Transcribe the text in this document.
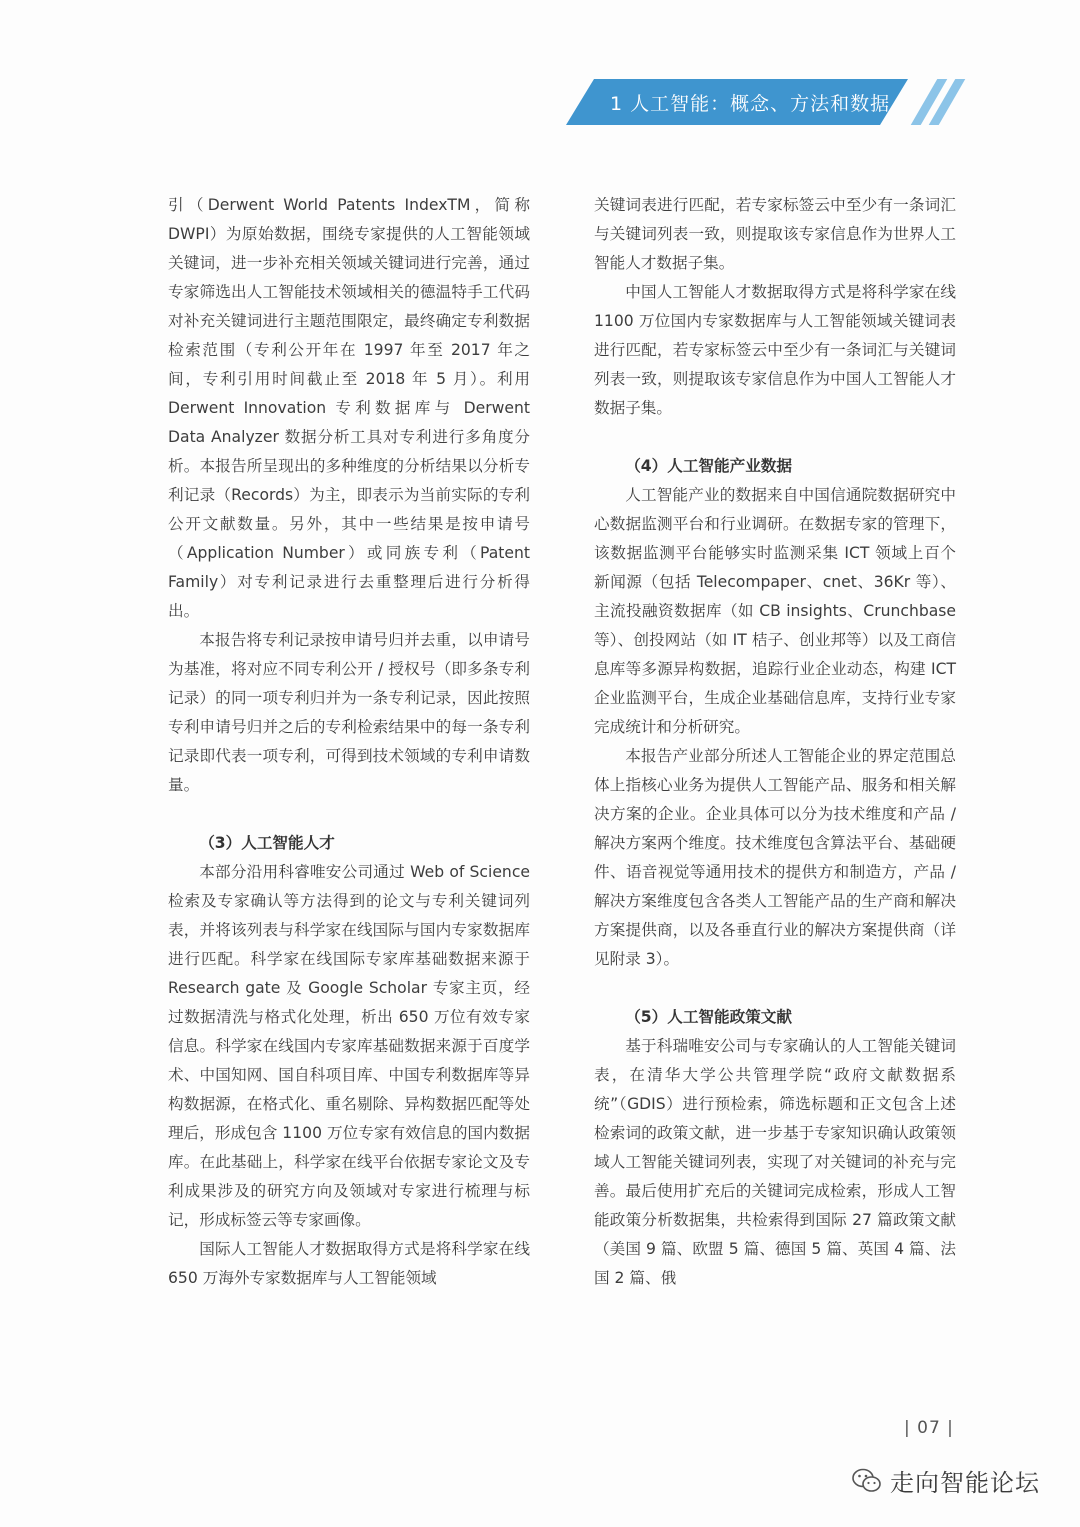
1 人工智能：概念、方法和数据

引（Derwent World Patents IndexTM，简称DWPI）为原始数据，围绕专家提供的人工智能领域关键词，进一步补充相关领域关键词进行完善，通过专家筛选出人工智能技术领域相关的德温特手工代码对补充关键词进行主题范围限定，最终确定专利数据检索范围（专利公开年在 1997 年至 2017 年之间，专利引用时间截止至 2018 年 5 月）。利用 Derwent Innovation 专利数据库与 Derwent Data Analyzer 数据分析工具对专利进行多角度分析。本报告所呈现出的多种维度的分析结果以分析专利记录（Records）为主，即表示为当前实际的专利公开文献数量。另外，其中一些结果是按申请号（Application Number）或同族专利（Patent Family）对专利记录进行去重整理后进行分析得出。

本报告将专利记录按申请号归并去重，以申请号为基准，将对应不同专利公开 / 授权号（即多条专利记录）的同一项专利归并为一条专利记录，因此按照专利申请号归并之后的专利检索结果中的每一条专利记录即代表一项专利，可得到技术领域的专利申请数量。

（3）人工智能人才

本部分沿用科睿唯安公司通过 Web of Science 检索及专家确认等方法得到的论文与专利关键词列表，并将该列表与科学家在线国际与国内专家数据库进行匹配。科学家在线国际专家库基础数据来源于 Research gate 及 Google Scholar 专家主页，经过数据清洗与格式化处理，析出 650 万位有效专家信息。科学家在线国内专家库基础数据来源于百度学术、中国知网、国自科项目库、中国专利数据库等异构数据源，在格式化、重名剔除、异构数据匹配等处理后，形成包含 1100 万位专家有效信息的国内数据库。在此基础上，科学家在线平台依据专家论文及专利成果涉及的研究方向及领域对专家进行梳理与标记，形成标签云等专家画像。

国际人工智能人才数据取得方式是将科学家在线 650 万海外专家数据库与人工智能领域

关键词表进行匹配，若专家标签云中至少有一条词汇与关键词列表一致，则提取该专家信息作为世界人工智能人才数据子集。

中国人工智能人才数据取得方式是将科学家在线 1100 万位国内专家数据库与人工智能领域关键词表进行匹配，若专家标签云中至少有一条词汇与关键词列表一致，则提取该专家信息作为中国人工智能人才数据子集。

（4）人工智能产业数据

人工智能产业的数据来自中国信通院数据研究中心数据监测平台和行业调研。在数据专家的管理下，该数据监测平台能够实时监测采集 ICT 领域上百个新闻源（包括 Telecompaper、cnet、36Kr 等）、主流投融资数据库（如 CB insights、Crunchbase 等）、创投网站（如 IT 桔子、创业邦等）以及工商信息库等多源异构数据，追踪行业企业动态，构建 ICT 企业监测平台，生成企业基础信息库，支持行业专家完成统计和分析研究。

本报告产业部分所述人工智能企业的界定范围总体上指核心业务为提供人工智能产品、服务和相关解决方案的企业。企业具体可以分为技术维度和产品 / 解决方案两个维度。技术维度包含算法平台、基础硬件、语音视觉等通用技术的提供方和制造方，产品 / 解决方案维度包含各类人工智能产品的生产商和解决方案提供商，以及各垂直行业的解决方案提供商（详见附录 3）。

（5）人工智能政策文献

基于科瑞唯安公司与专家确认的人工智能关键词表，在清华大学公共管理学院“政府文献数据系统”（GDIS）进行预检索，筛选标题和正文包含上述检索词的政策文献，进一步基于专家知识确认政策领域人工智能关键词列表，实现了对关键词的补充与完善。最后使用扩充后的关键词完成检索，形成人工智能政策分析数据集，共检索得到国际 27 篇政策文献（美国 9 篇、欧盟 5 篇、德国 5 篇、英国 4 篇、法国 2 篇、俄

| 07 |
走向智能论坛
